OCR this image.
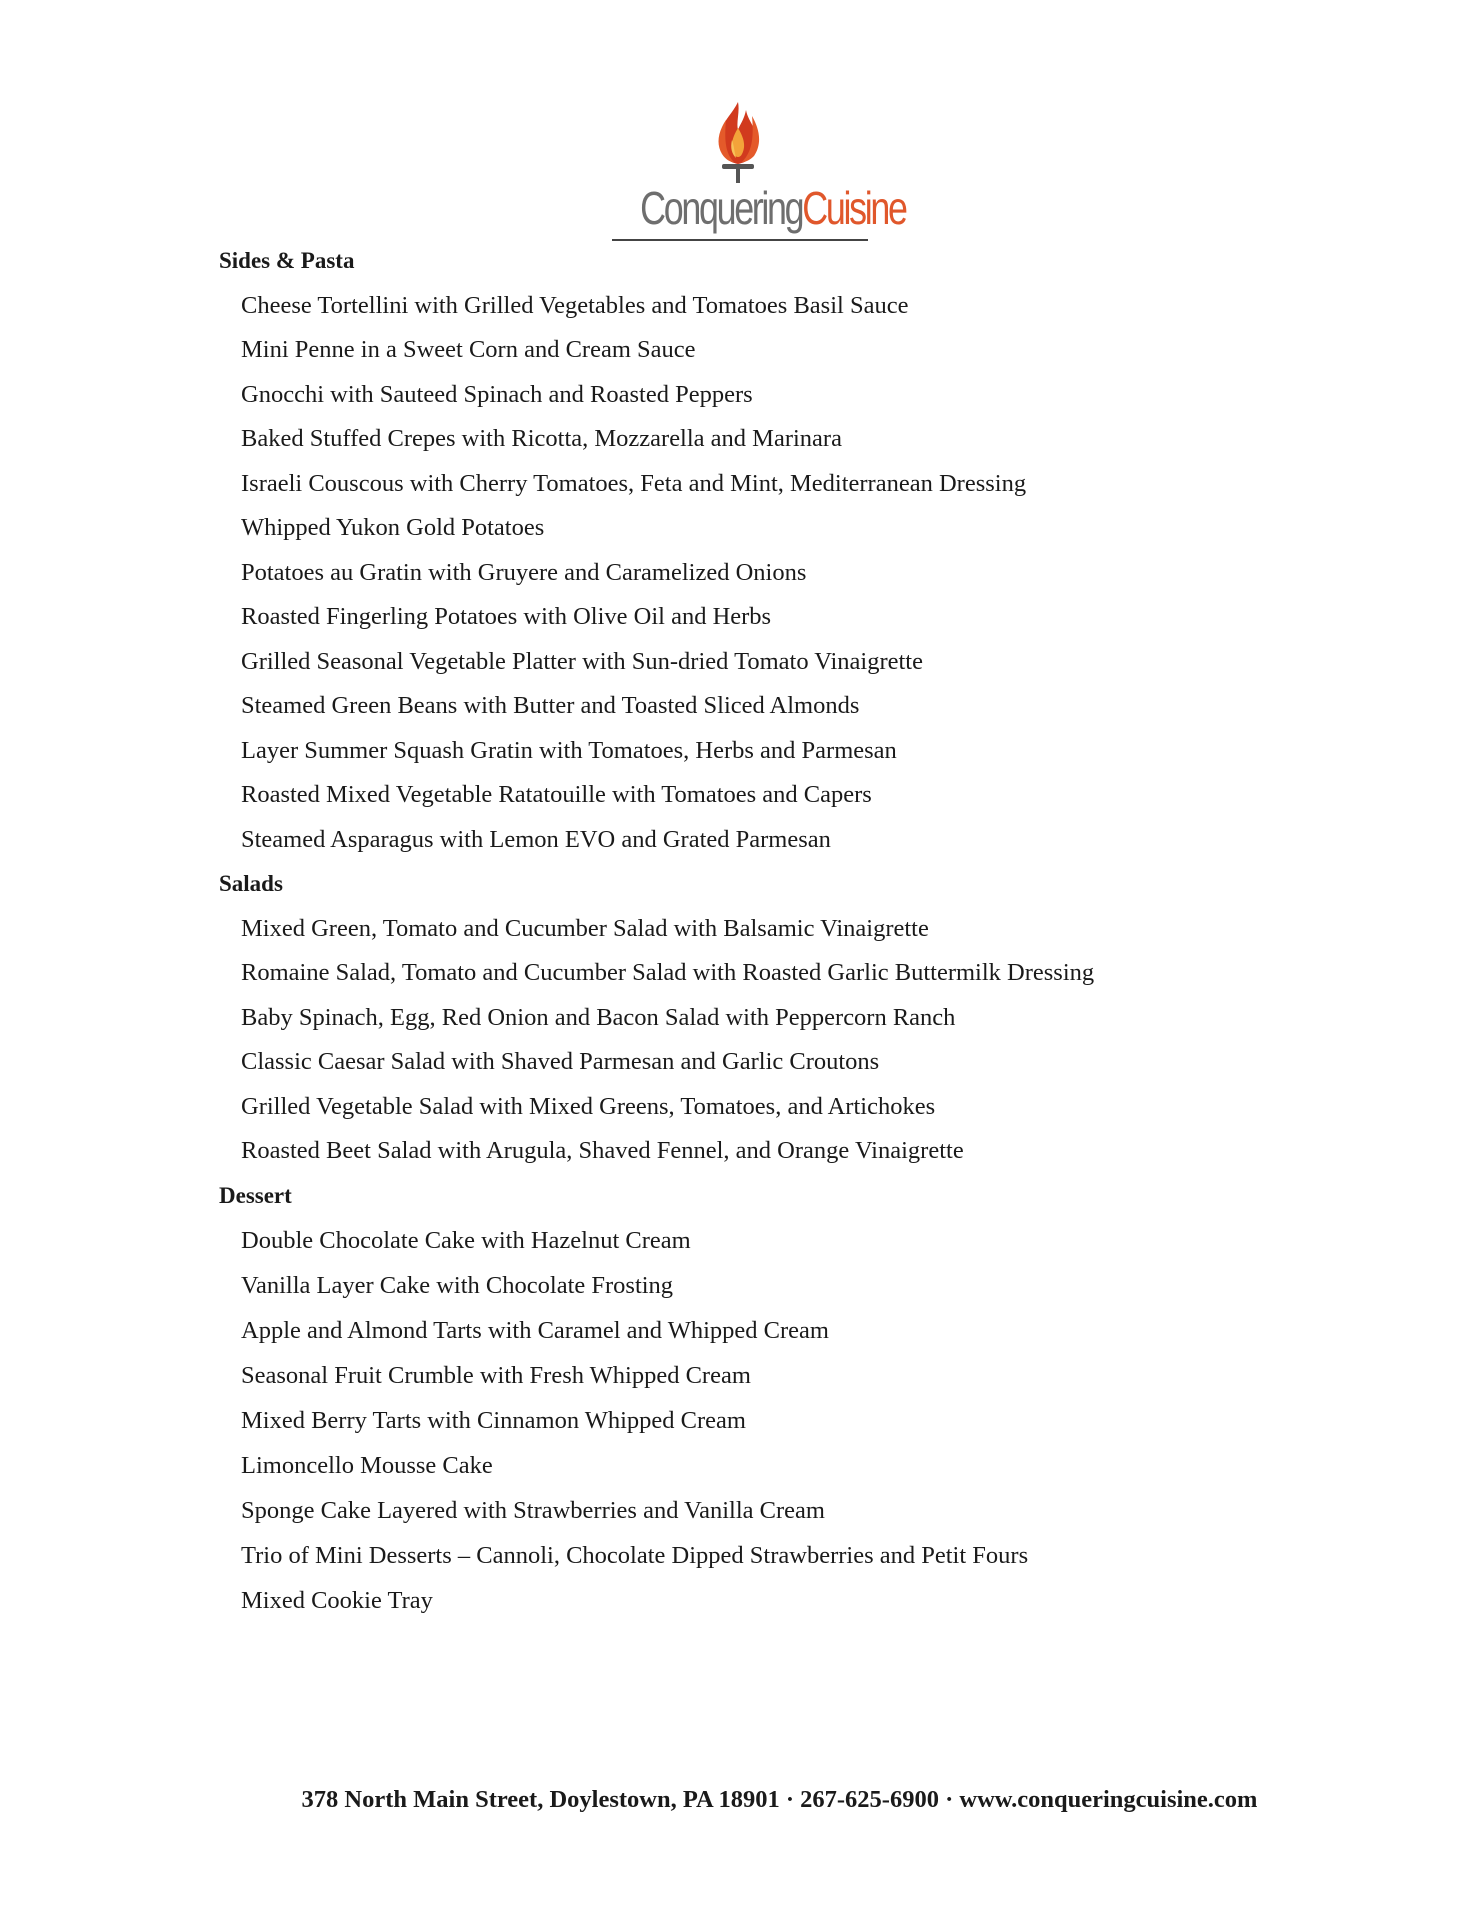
ConqueringCuisine

Sides & Pasta

Cheese Tortellini with Grilled Vegetables and Tomatoes Basil Sauce

Mini Penne in a Sweet Corn and Cream Sauce

Gnocchi with Sauteed Spinach and Roasted Peppers

Baked Stuffed Crepes with Ricotta, Mozzarella and Marinara

Israeli Couscous with Cherry Tomatoes, Feta and Mint, Mediterranean Dressing

Whipped Yukon Gold Potatoes

Potatoes au Gratin with Gruyere and Caramelized Onions

Roasted Fingerling Potatoes with Olive Oil and Herbs

Grilled Seasonal Vegetable Platter with Sun-dried Tomato Vinaigrette

Steamed Green Beans with Butter and Toasted Sliced Almonds

Layer Summer Squash Gratin with Tomatoes, Herbs and Parmesan

Roasted Mixed Vegetable Ratatouille with Tomatoes and Capers

Steamed Asparagus with Lemon EVO and Grated Parmesan

Salads

Mixed Green, Tomato and Cucumber Salad with Balsamic Vinaigrette

Romaine Salad, Tomato and Cucumber Salad with Roasted Garlic Buttermilk Dressing

Baby Spinach, Egg, Red Onion and Bacon Salad with Peppercorn Ranch

Classic Caesar Salad with Shaved Parmesan and Garlic Croutons

Grilled Vegetable Salad with Mixed Greens, Tomatoes, and Artichokes

Roasted Beet Salad with Arugula, Shaved Fennel, and Orange Vinaigrette

Dessert

Double Chocolate Cake with Hazelnut Cream

Vanilla Layer Cake with Chocolate Frosting

Apple and Almond Tarts with Caramel and Whipped Cream

Seasonal Fruit Crumble with Fresh Whipped Cream

Mixed Berry Tarts with Cinnamon Whipped Cream

Limoncello Mousse Cake

Sponge Cake Layered with Strawberries and Vanilla Cream

Trio of Mini Desserts – Cannoli, Chocolate Dipped Strawberries and Petit Fours

Mixed Cookie Tray

378 North Main Street, Doylestown, PA 18901 · 267-625-6900 · www.conqueringcuisine.com
